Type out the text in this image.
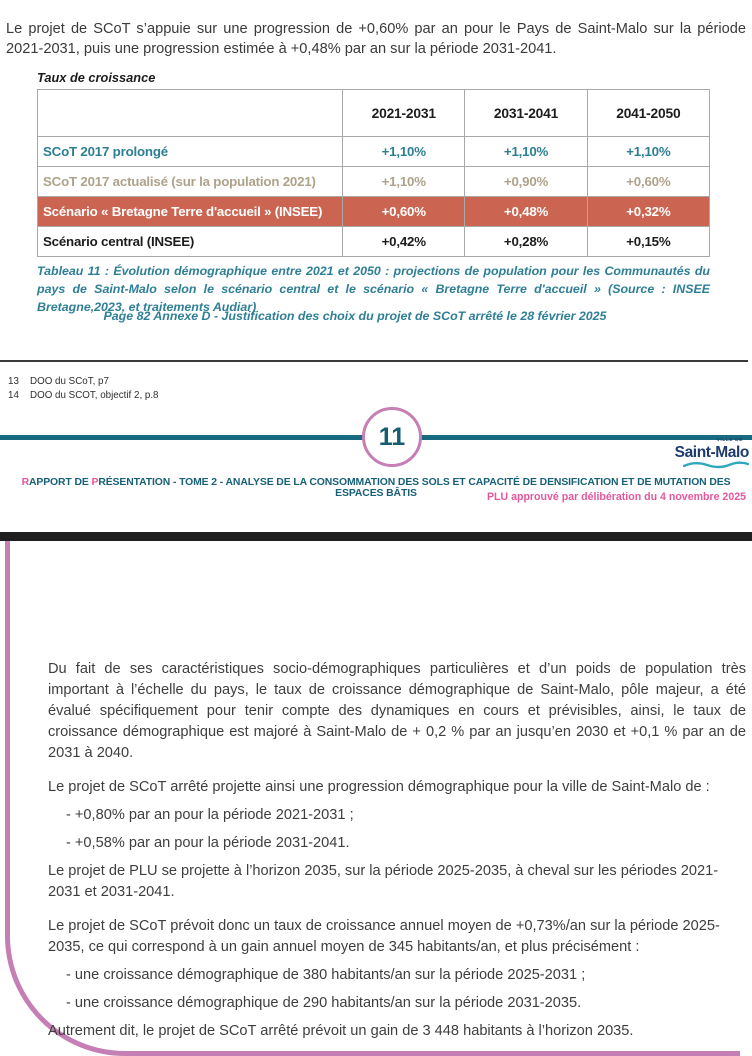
Le projet de SCoT s’appuie sur une progression de +0,60% par an pour le Pays de Saint-Malo sur la période 2021-2031, puis une progression estimée à +0,48% par an sur la période 2031-2041.

Taux de croissance
	2021-2031	2031-2041	2041-2050
SCoT 2017 prolongé	+1,10%	+1,10%	+1,10%
SCoT 2017 actualisé (sur la population 2021)	+1,10%	+0,90%	+0,60%
Scénario « Bretagne Terre d'accueil » (INSEE)	+0,60%	+0,48%	+0,32%
Scénario central (INSEE)	+0,42%	+0,28%	+0,15%
Tableau 11 : Évolution démographique entre 2021 et 2050 : projections de population pour les Communautés du pays de Saint-Malo selon le scénario central et le scénario « Bretagne Terre d'accueil » (Source : INSEE Bretagne,2023, et traitements Audiar)
Page 82 Annexe D - Justification des choix du projet de SCoT arrêté le 28 février 2025
13 DOO du SCoT, p7
14 DOO du SCOT, objectif 2, p.8
11	VILLE DE
Saint-Malo
RAPPORT DE PRÉSENTATION - TOME 2 - ANALYSE DE LA CONSOMMATION DES SOLS ET CAPACITÉ DE DENSIFICATION ET DE MUTATION DES ESPACES BÂTIS	PLU approuvé par délibération du 4 novembre 2025

Du fait de ses caractéristiques socio-démographiques particulières et d’un poids de population très important à l’échelle du pays, le taux de croissance démographique de Saint-Malo, pôle majeur, a été évalué spécifiquement pour tenir compte des dynamiques en cours et prévisibles, ainsi, le taux de croissance démographique est majoré à Saint-Malo de + 0,2 % par an jusqu’en 2030 et +0,1 % par an de 2031 à 2040.

Le projet de SCoT arrêté projette ainsi une progression démographique pour la ville de Saint-Malo de :

- +0,80% par an pour la période 2021-2031 ;
- +0,58% par an pour la période 2031-2041.

Le projet de PLU se projette à l’horizon 2035, sur la période 2025-2035, à cheval sur les périodes 2021-2031 et 2031-2041.

Le projet de SCoT prévoit donc un taux de croissance annuel moyen de +0,73%/an sur la période 2025-2035, ce qui correspond à un gain annuel moyen de 345 habitants/an, et plus précisément :

- une croissance démographique de 380 habitants/an sur la période 2025-2031 ;
- une croissance démographique de 290 habitants/an sur la période 2031-2035.

Autrement dit, le projet de SCoT arrêté prévoit un gain de 3 448 habitants à l’horizon 2035.
